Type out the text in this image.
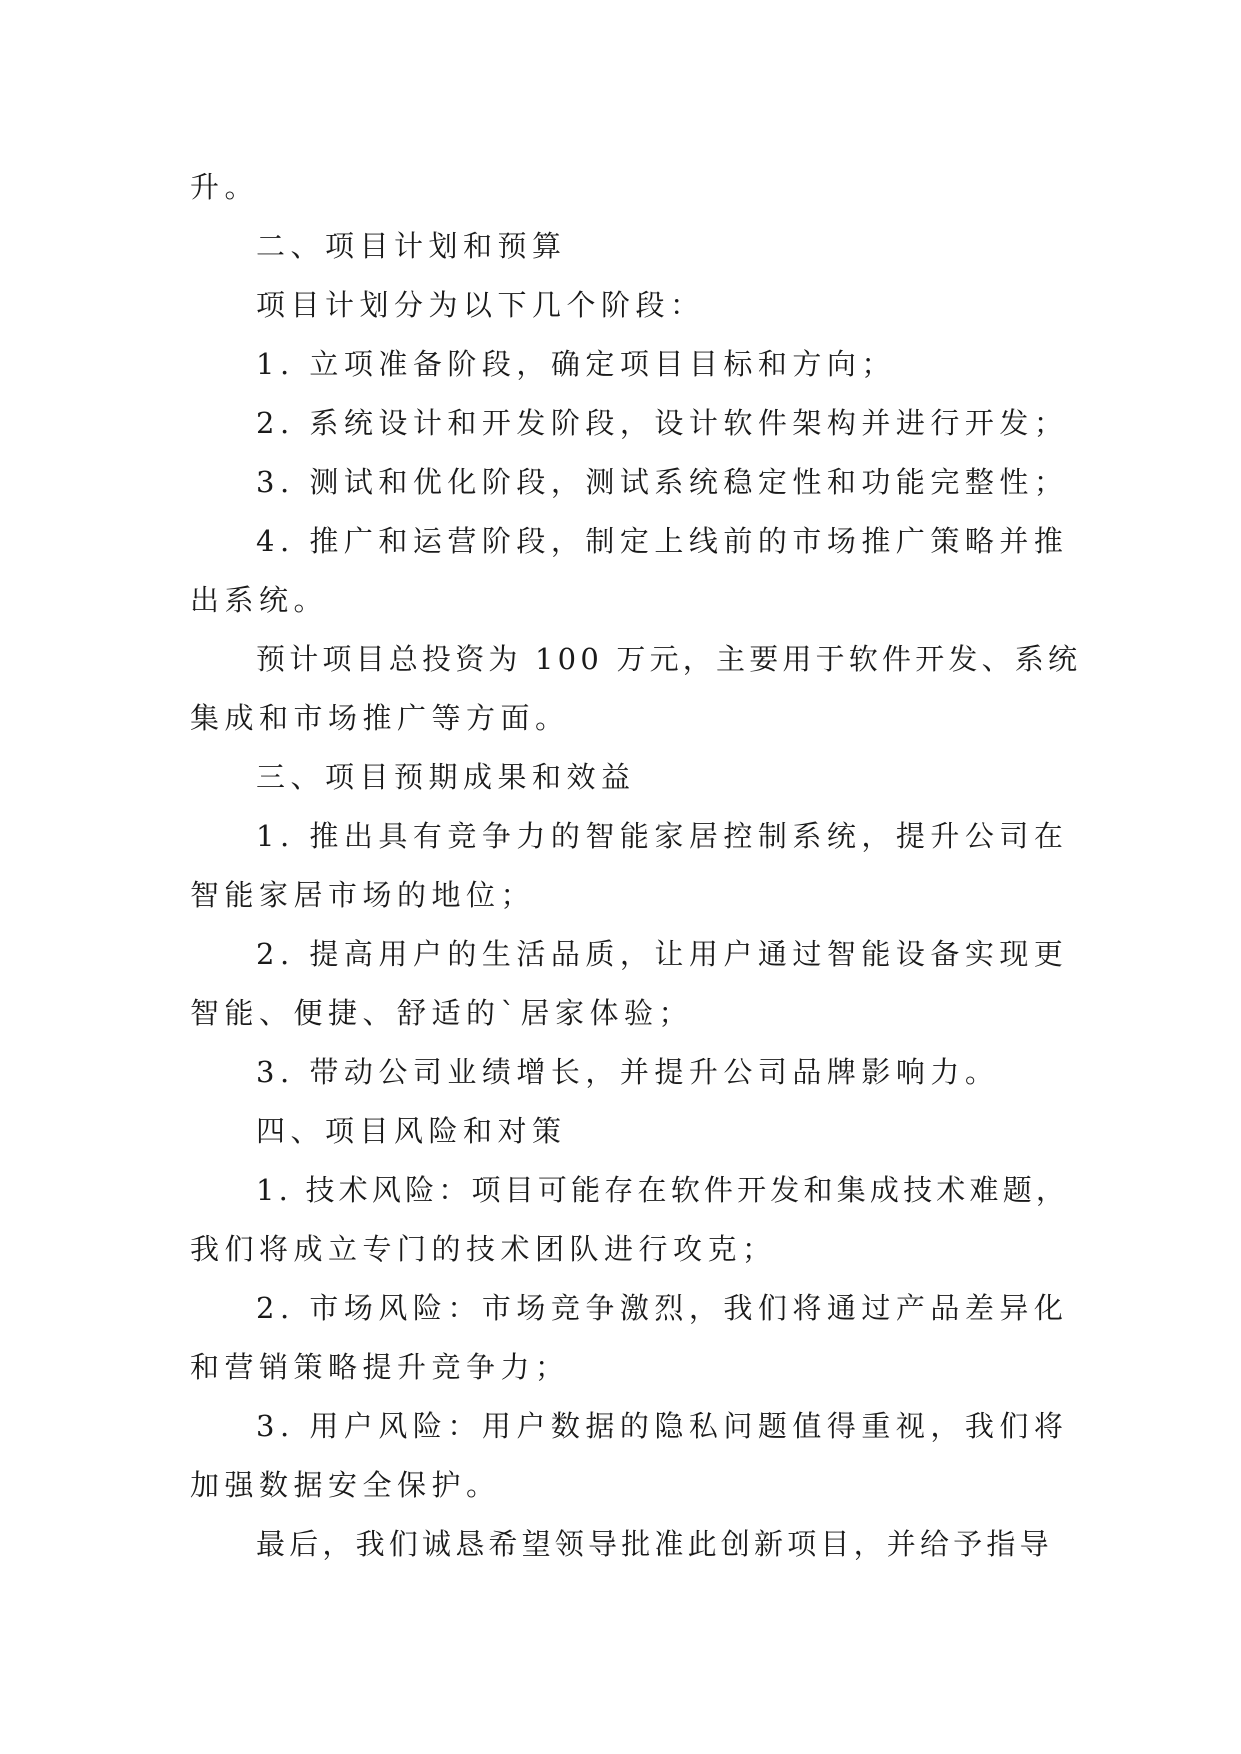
升。
二、项目计划和预算
项目计划分为以下几个阶段：
1. 立项准备阶段，确定项目目标和方向；
2. 系统设计和开发阶段，设计软件架构并进行开发；
3. 测试和优化阶段，测试系统稳定性和功能完整性；
4. 推广和运营阶段，制定上线前的市场推广策略并推
出系统。
预计项目总投资为 100 万元，主要用于软件开发、系统
集成和市场推广等方面。
三、项目预期成果和效益
1. 推出具有竞争力的智能家居控制系统，提升公司在
智能家居市场的地位；
2. 提高用户的生活品质，让用户通过智能设备实现更
智能、便捷、舒适的`居家体验；
3. 带动公司业绩增长，并提升公司品牌影响力。
四、项目风险和对策
1. 技术风险：项目可能存在软件开发和集成技术难题，
我们将成立专门的技术团队进行攻克；
2. 市场风险：市场竞争激烈，我们将通过产品差异化
和营销策略提升竞争力；
3. 用户风险：用户数据的隐私问题值得重视，我们将
加强数据安全保护。
最后，我们诚恳希望领导批准此创新项目，并给予指导
